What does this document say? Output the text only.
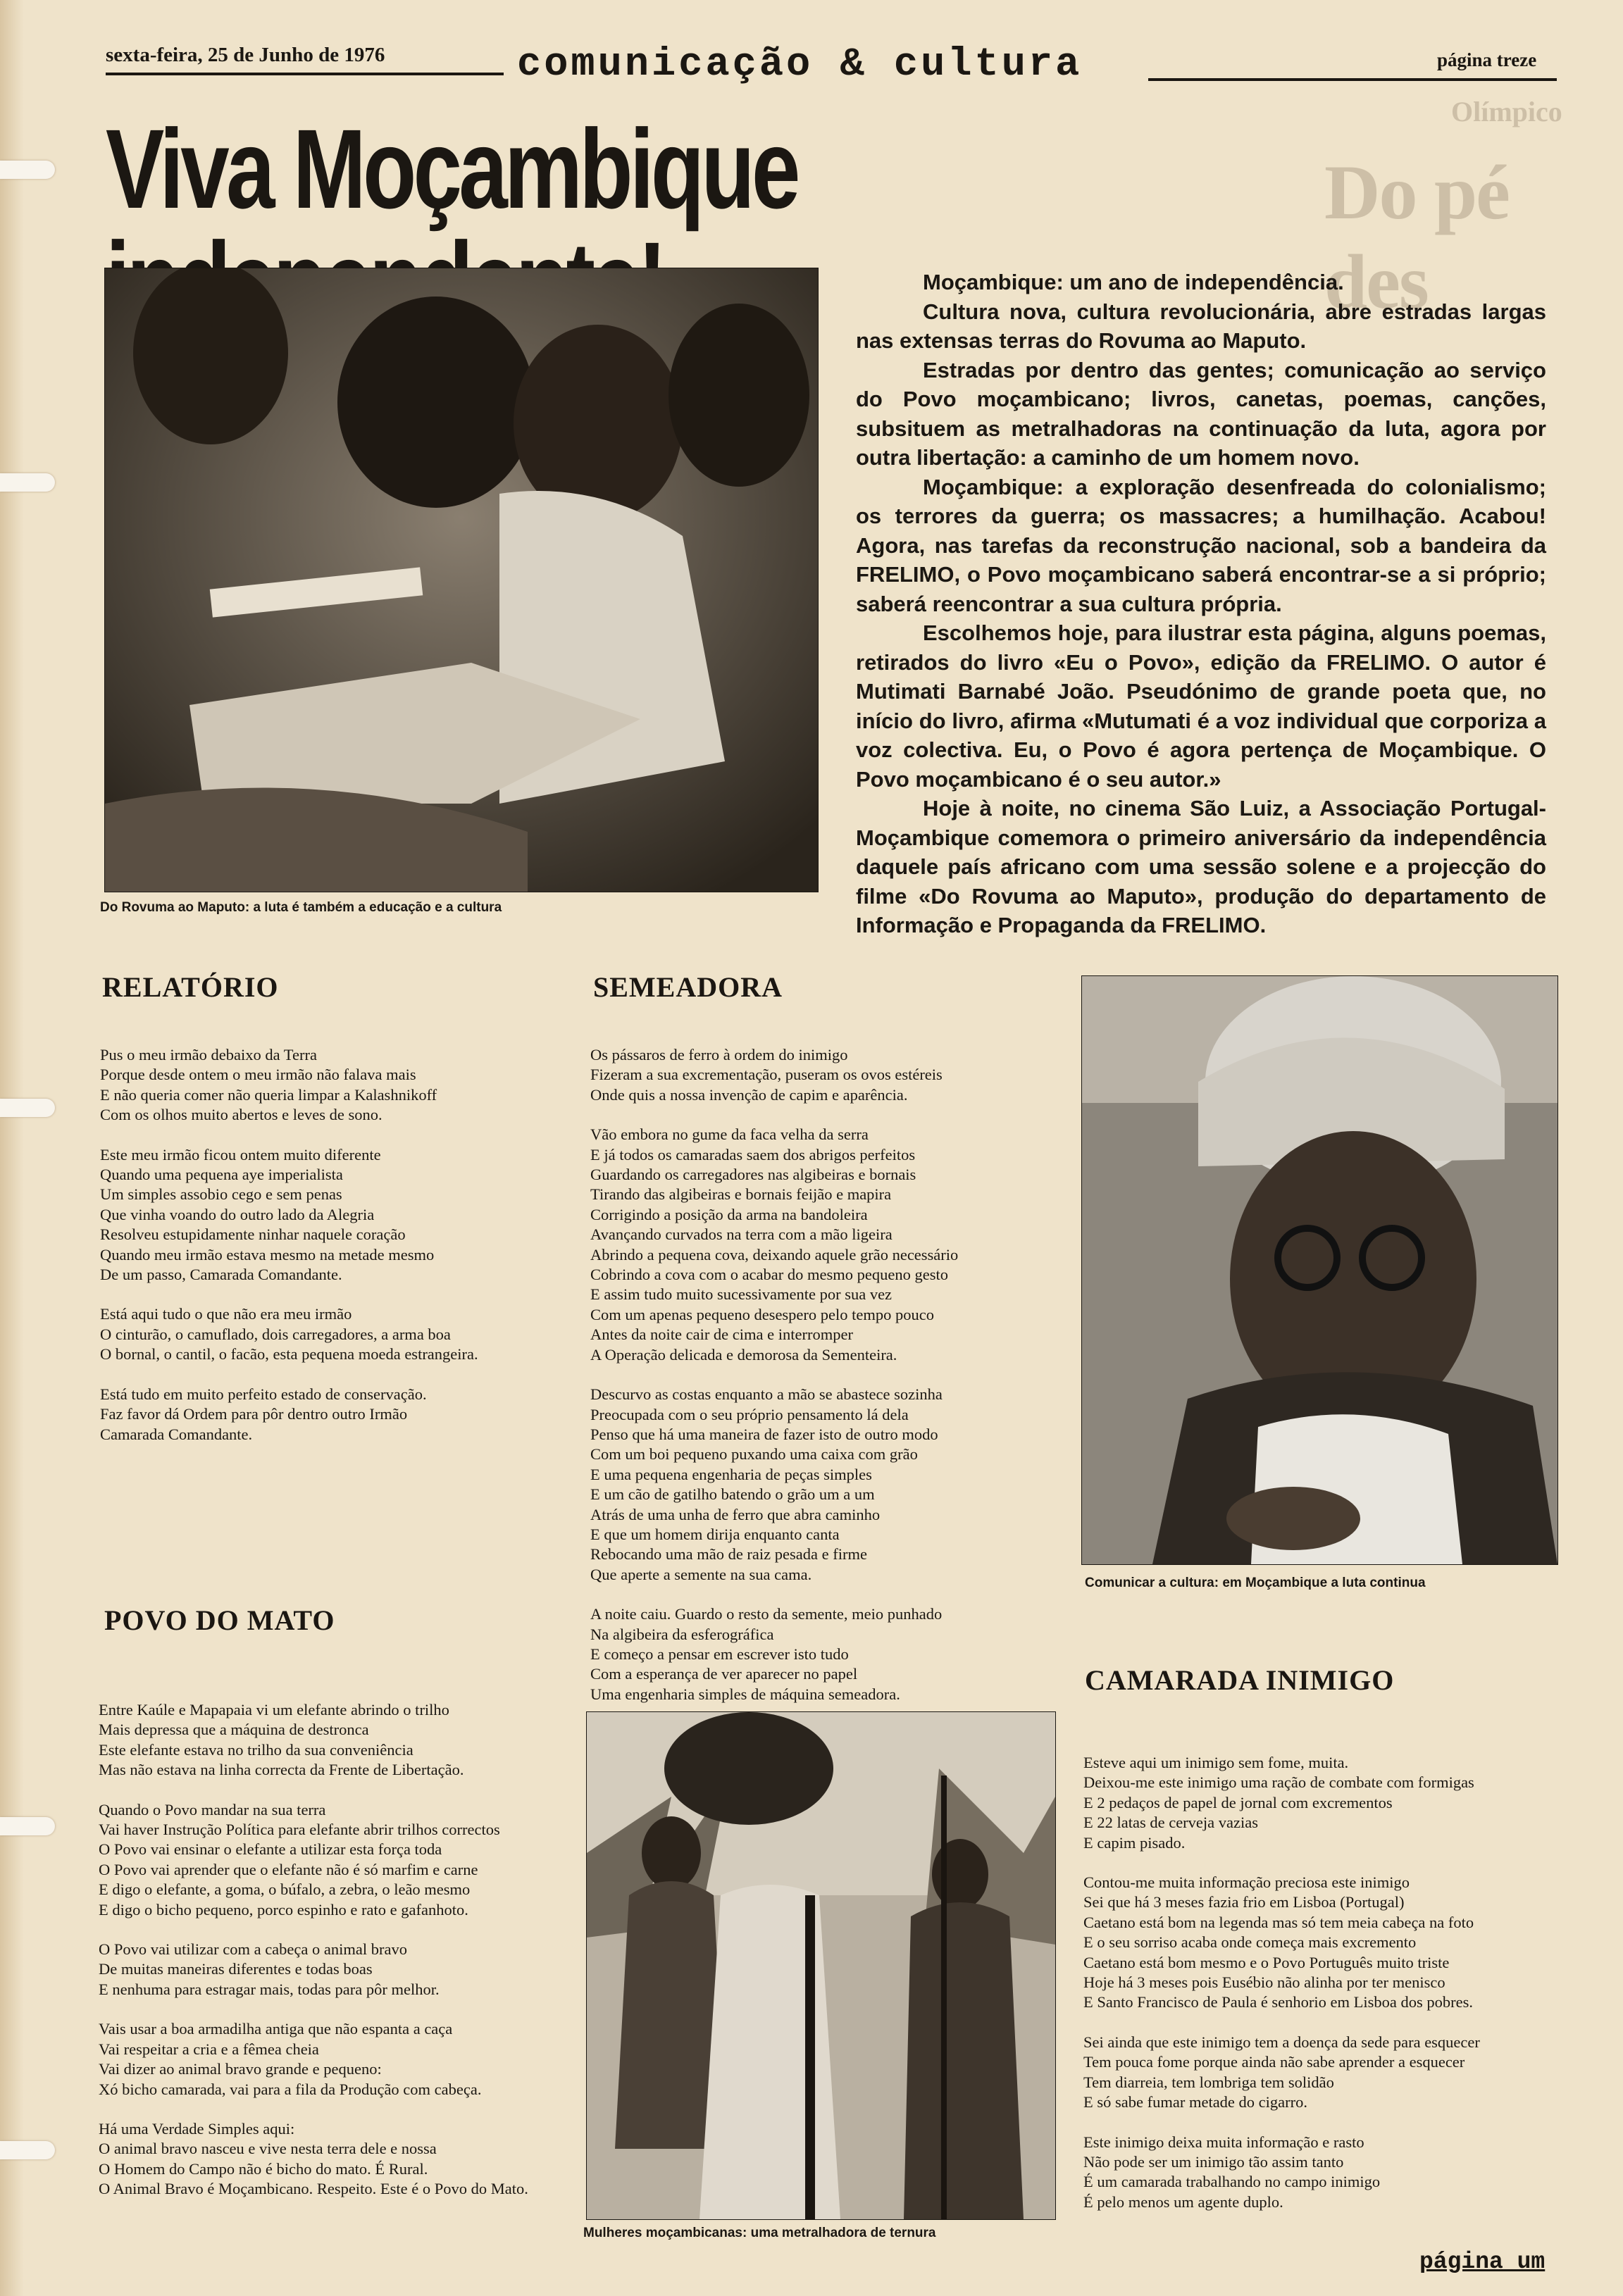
Do pé des
Olímpico
sexta-feira, 25 de Junho de 1976	comunicação & cultura	página treze
Viva Moçambique
Do Rovuma ao Maputo: a luta é também a educação e a cultura

Moçambique: um ano de independência.

Cultura nova, cultura revolucionária, abre estradas largas nas extensas terras do Rovuma ao Maputo.

Estradas por dentro das gentes; comunicação ao serviço do Povo moçambicano; livros, canetas, poemas, canções, subsituem as metralhadoras na continuação da luta, agora por outra libertação: a caminho de um homem novo.

Moçambique: a exploração desenfreada do colonialismo; os terrores da guerra; os massacres; a humilhação. Acabou! Agora, nas tarefas da reconstrução nacional, sob a bandeira da FRELIMO, o Povo moçambicano saberá encontrar-se a si próprio; saberá reencontrar a sua cultura própria.

Escolhemos hoje, para ilustrar esta página, alguns poemas, retirados do livro «Eu o Povo», edição da FRELIMO. O autor é Mutimati Barnabé João. Pseudónimo de grande poeta que, no início do livro, afirma «Mutumati é a voz individual que corporiza a voz colectiva. Eu, o Povo é agora pertença de Moçambique. O Povo moçambicano é o seu autor.»

Hoje à noite, no cinema São Luiz, a Associação Portugal-Moçambique comemora o primeiro aniversário da independência daquele país africano com uma sessão solene e a projecção do filme «Do Rovuma ao Maputo», produção do departamento de Informação e Propaganda da FRELIMO.

RELATÓRIO

Pus o meu irmão debaixo da Terra
Porque desde ontem o meu irmão não falava mais
E não queria comer não queria limpar a Kalashnikoff
Com os olhos muito abertos e leves de sono.

Este meu irmão ficou ontem muito diferente
Quando uma pequena aye imperialista
Um simples assobio cego e sem penas
Que vinha voando do outro lado da Alegria
Resolveu estupidamente ninhar naquele coração
Quando meu irmão estava mesmo na metade mesmo
De um passo, Camarada Comandante.

Está aqui tudo o que não era meu irmão
O cinturão, o camuflado, dois carregadores, a arma boa
O bornal, o cantil, o facão, esta pequena moeda estrangeira.

Está tudo em muito perfeito estado de conservação.
Faz favor dá Ordem para pôr dentro outro Irmão
Camarada Comandante.

SEMEADORA

Os pássaros de ferro à ordem do inimigo
Fizeram a sua excrementação, puseram os ovos estéreis
Onde quis a nossa invenção de capim e aparência.

Vão embora no gume da faca velha da serra
E já todos os camaradas saem dos abrigos perfeitos
Guardando os carregadores nas algibeiras e bornais
Tirando das algibeiras e bornais feijão e mapira
Corrigindo a posição da arma na bandoleira
Avançando curvados na terra com a mão ligeira
Abrindo a pequena cova, deixando aquele grão necessário
Cobrindo a cova com o acabar do mesmo pequeno gesto
E assim tudo muito sucessivamente por sua vez
Com um apenas pequeno desespero pelo tempo pouco
Antes da noite cair de cima e interromper
A Operação delicada e demorosa da Sementeira.

Descurvo as costas enquanto a mão se abastece sozinha
Preocupada com o seu próprio pensamento lá dela
Penso que há uma maneira de fazer isto de outro modo
Com um boi pequeno puxando uma caixa com grão
E uma pequena engenharia de peças simples
E um cão de gatilho batendo o grão um a um
Atrás de uma unha de ferro que abra caminho
E que um homem dirija enquanto canta
Rebocando uma mão de raiz pesada e firme
Que aperte a semente na sua cama.

A noite caiu. Guardo o resto da semente, meio punhado
Na algibeira da esferográfica
E começo a pensar em escrever isto tudo
Com a esperança de ver aparecer no papel
Uma engenharia simples de máquina semeadora.

Comunicar a cultura: em Moçambique a luta continua
POVO DO MATO

Entre Kaúle e Mapapaia vi um elefante abrindo o trilho
Mais depressa que a máquina de destronca
Este elefante estava no trilho da sua conveniência
Mas não estava na linha correcta da Frente de Libertação.

Quando o Povo mandar na sua terra
Vai haver Instrução Política para elefante abrir trilhos correctos
O Povo vai ensinar o elefante a utilizar esta força toda
O Povo vai aprender que o elefante não é só marfim e carne
E digo o elefante, a goma, o búfalo, a zebra, o leão mesmo
E digo o bicho pequeno, porco espinho e rato e gafanhoto.

O Povo vai utilizar com a cabeça o animal bravo
De muitas maneiras diferentes e todas boas
E nenhuma para estragar mais, todas para pôr melhor.

Vais usar a boa armadilha antiga que não espanta a caça
Vai respeitar a cria e a fêmea cheia
Vai dizer ao animal bravo grande e pequeno:
Xó bicho camarada, vai para a fila da Produção com cabeça.

Há uma Verdade Simples aqui:
O animal bravo nasceu e vive nesta terra dele e nossa
O Homem do Campo não é bicho do mato. É Rural.
O Animal Bravo é Moçambicano. Respeito. Este é o Povo do Mato.

Mulheres moçambicanas: uma metralhadora de ternura
CAMARADA INIMIGO

Esteve aqui um inimigo sem fome, muita.
Deixou-me este inimigo uma ração de combate com formigas
E 2 pedaços de papel de jornal com excrementos
E 22 latas de cerveja vazias
E capim pisado.

Contou-me muita informação preciosa este inimigo
Sei que há 3 meses fazia frio em Lisboa (Portugal)
Caetano está bom na legenda mas só tem meia cabeça na foto
E o seu sorriso acaba onde começa mais excremento
Caetano está bom mesmo e o Povo Português muito triste
Hoje há 3 meses pois Eusébio não alinha por ter menisco
E Santo Francisco de Paula é senhorio em Lisboa dos pobres.

Sei ainda que este inimigo tem a doença da sede para esquecer
Tem pouca fome porque ainda não sabe aprender a esquecer
Tem diarreia, tem lombriga tem solidão
E só sabe fumar metade do cigarro.

Este inimigo deixa muita informação e rasto
Não pode ser um inimigo tão assim tanto
É um camarada trabalhando no campo inimigo
É pelo menos um agente duplo.

página um
